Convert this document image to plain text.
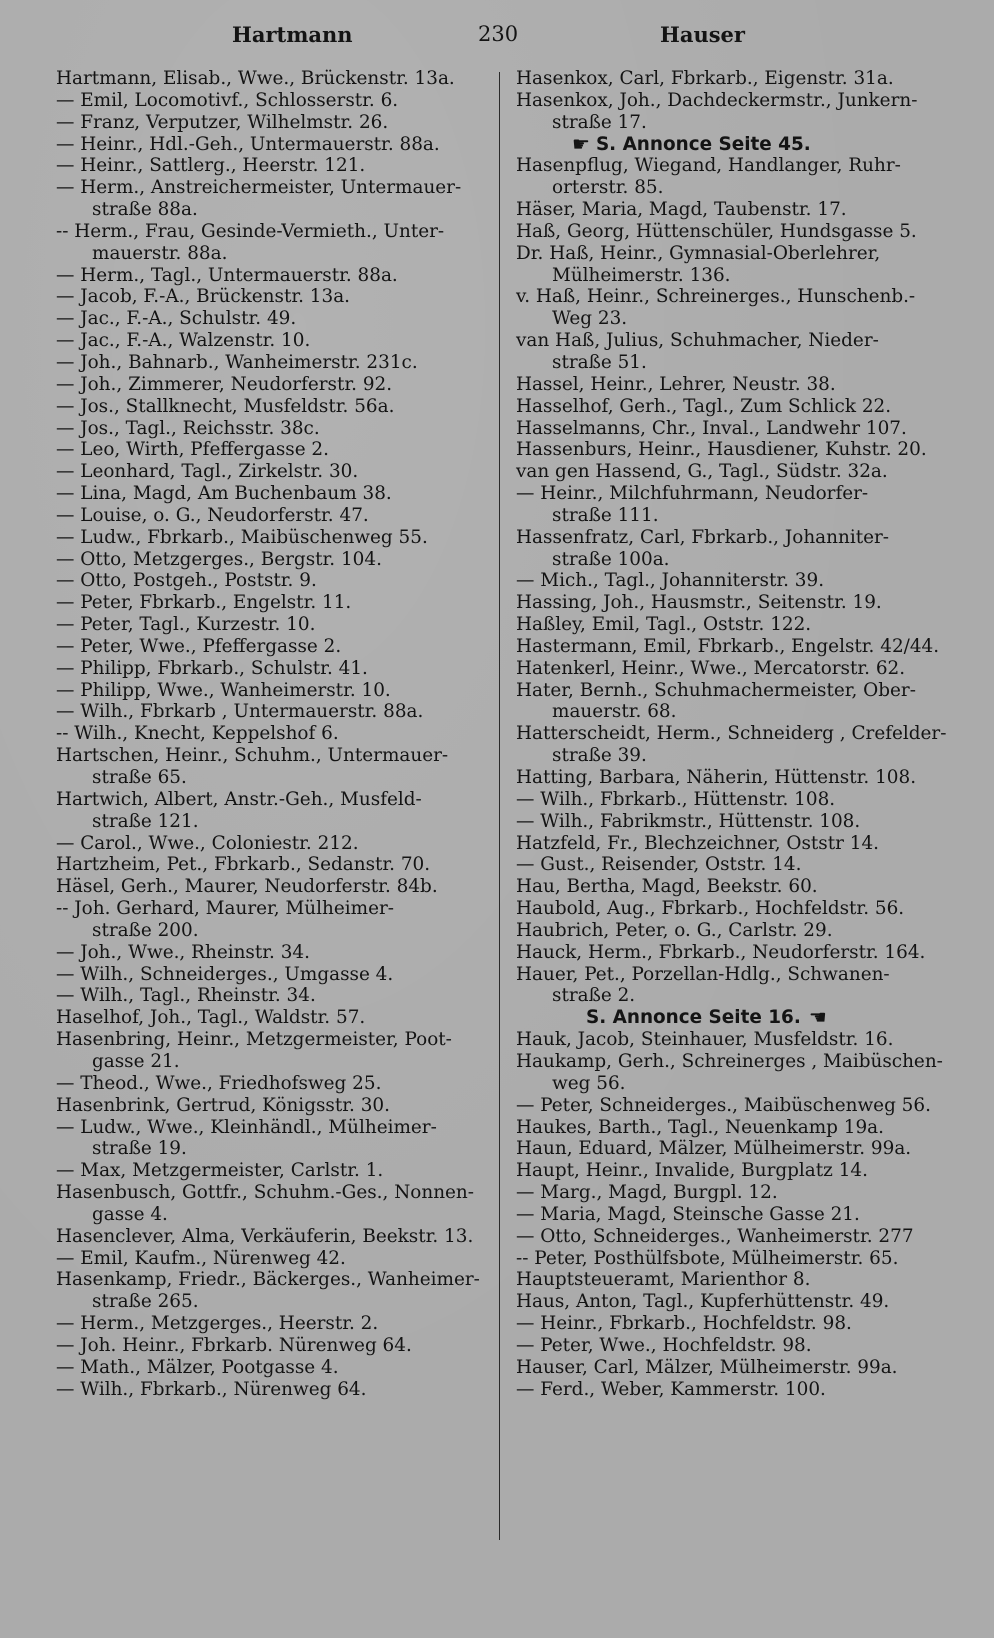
Hartmann	230	Hauser
Hartmann, Elisab., Wwe., Brückenstr. 13a.
— Emil, Locomotivf., Schlosserstr. 6.
— Franz, Verputzer, Wilhelmstr. 26.
— Heinr., Hdl.-Geh., Untermauerstr. 88a.
— Heinr., Sattlerg., Heerstr. 121.
— Herm., Anstreichermeister, Untermauer-
straße 88a.
-- Herm., Frau, Gesinde-Vermieth., Unter-
mauerstr. 88a.
— Herm., Tagl., Untermauerstr. 88a.
— Jacob, F.-A., Brückenstr. 13a.
— Jac., F.-A., Schulstr. 49.
— Jac., F.-A., Walzenstr. 10.
— Joh., Bahnarb., Wanheimerstr. 231c.
— Joh., Zimmerer, Neudorferstr. 92.
— Jos., Stallknecht, Musfeldstr. 56a.
— Jos., Tagl., Reichsstr. 38c.
— Leo, Wirth, Pfeffergasse 2.
— Leonhard, Tagl., Zirkelstr. 30.
— Lina, Magd, Am Buchenbaum 38.
— Louise, o. G., Neudorferstr. 47.
— Ludw., Fbrkarb., Maibüschenweg 55.
— Otto, Metzgerges., Bergstr. 104.
— Otto, Postgeh., Poststr. 9.
— Peter, Fbrkarb., Engelstr. 11.
— Peter, Tagl., Kurzestr. 10.
— Peter, Wwe., Pfeffergasse 2.
— Philipp, Fbrkarb., Schulstr. 41.
— Philipp, Wwe., Wanheimerstr. 10.
— Wilh., Fbrkarb , Untermauerstr. 88a.
-- Wilh., Knecht, Keppelshof 6.
Hartschen, Heinr., Schuhm., Untermauer-
straße 65.
Hartwich, Albert, Anstr.-Geh., Musfeld-
straße 121.
— Carol., Wwe., Coloniestr. 212.
Hartzheim, Pet., Fbrkarb., Sedanstr. 70.
Häsel, Gerh., Maurer, Neudorferstr. 84b.
-- Joh. Gerhard, Maurer, Mülheimer-
straße 200.
— Joh., Wwe., Rheinstr. 34.
— Wilh., Schneiderges., Umgasse 4.
— Wilh., Tagl., Rheinstr. 34.
Haselhof, Joh., Tagl., Waldstr. 57.
Hasenbring, Heinr., Metzgermeister, Poot-
gasse 21.
— Theod., Wwe., Friedhofsweg 25.
Hasenbrink, Gertrud, Königsstr. 30.
— Ludw., Wwe., Kleinhändl., Mülheimer-
straße 19.
— Max, Metzgermeister, Carlstr. 1.
Hasenbusch, Gottfr., Schuhm.-Ges., Nonnen-
gasse 4.
Hasenclever, Alma, Verkäuferin, Beekstr. 13.
— Emil, Kaufm., Nürenweg 42.
Hasenkamp, Friedr., Bäckerges., Wanheimer-
straße 265.
— Herm., Metzgerges., Heerstr. 2.
— Joh. Heinr., Fbrkarb. Nürenweg 64.
— Math., Mälzer, Pootgasse 4.
— Wilh., Fbrkarb., Nürenweg 64.
Hasenkox, Carl, Fbrkarb., Eigenstr. 31a.
Hasenkox, Joh., Dachdeckermstr., Junkern-
straße 17.
☛ S. Annonce Seite 45.
Hasenpflug, Wiegand, Handlanger, Ruhr-
orterstr. 85.
Häser, Maria, Magd, Taubenstr. 17.
Haß, Georg, Hüttenschüler, Hundsgasse 5.
Dr. Haß, Heinr., Gymnasial-Oberlehrer,
Mülheimerstr. 136.
v. Haß, Heinr., Schreinerges., Hunschenb.-
Weg 23.
van Haß, Julius, Schuhmacher, Nieder-
straße 51.
Hassel, Heinr., Lehrer, Neustr. 38.
Hasselhof, Gerh., Tagl., Zum Schlick 22.
Hasselmanns, Chr., Inval., Landwehr 107.
Hassenburs, Heinr., Hausdiener, Kuhstr. 20.
van gen Hassend, G., Tagl., Südstr. 32a.
— Heinr., Milchfuhrmann, Neudorfer-
straße 111.
Hassenfratz, Carl, Fbrkarb., Johanniter-
straße 100a.
— Mich., Tagl., Johanniterstr. 39.
Hassing, Joh., Hausmstr., Seitenstr. 19.
Haßley, Emil, Tagl., Oststr. 122.
Hastermann, Emil, Fbrkarb., Engelstr. 42/44.
Hatenkerl, Heinr., Wwe., Mercatorstr. 62.
Hater, Bernh., Schuhmachermeister, Ober-
mauerstr. 68.
Hatterscheidt, Herm., Schneiderg , Crefelder-
straße 39.
Hatting, Barbara, Näherin, Hüttenstr. 108.
— Wilh., Fbrkarb., Hüttenstr. 108.
— Wilh., Fabrikmstr., Hüttenstr. 108.
Hatzfeld, Fr., Blechzeichner, Oststr 14.
— Gust., Reisender, Oststr. 14.
Hau, Bertha, Magd, Beekstr. 60.
Haubold, Aug., Fbrkarb., Hochfeldstr. 56.
Haubrich, Peter, o. G., Carlstr. 29.
Hauck, Herm., Fbrkarb., Neudorferstr. 164.
Hauer, Pet., Porzellan-Hdlg., Schwanen-
straße 2.
S. Annonce Seite 16. ☚
Hauk, Jacob, Steinhauer, Musfeldstr. 16.
Haukamp, Gerh., Schreinerges , Maibüschen-
weg 56.
— Peter, Schneiderges., Maibüschenweg 56.
Haukes, Barth., Tagl., Neuenkamp 19a.
Haun, Eduard, Mälzer, Mülheimerstr. 99a.
Haupt, Heinr., Invalide, Burgplatz 14.
— Marg., Magd, Burgpl. 12.
— Maria, Magd, Steinsche Gasse 21.
— Otto, Schneiderges., Wanheimerstr. 277
-- Peter, Posthülfsbote, Mülheimerstr. 65.
Hauptsteueramt, Marienthor 8.
Haus, Anton, Tagl., Kupferhüttenstr. 49.
— Heinr., Fbrkarb., Hochfeldstr. 98.
— Peter, Wwe., Hochfeldstr. 98.
Hauser, Carl, Mälzer, Mülheimerstr. 99a.
— Ferd., Weber, Kammerstr. 100.
